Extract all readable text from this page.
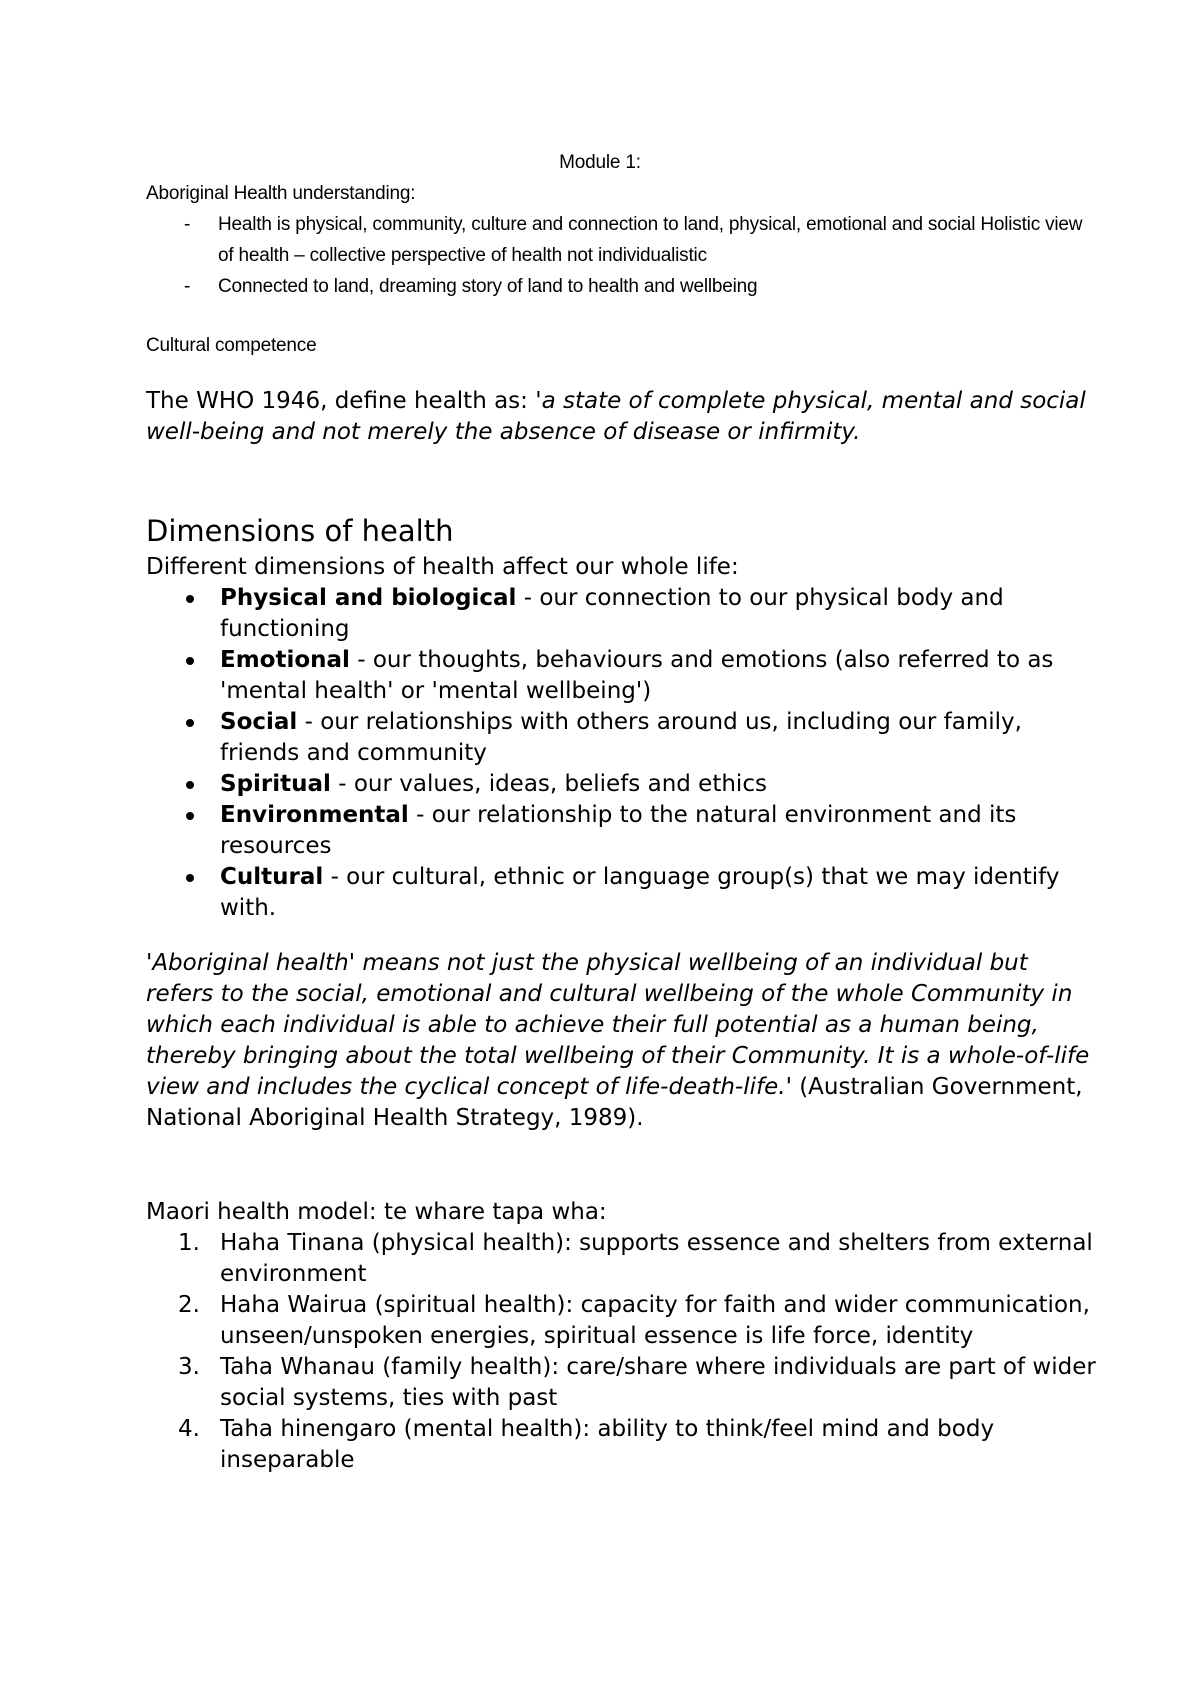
Module 1:
Aboriginal Health understanding:
- Health is physical, community, culture and connection to land, physical, emotional and social Holistic view of health – collective perspective of health not individualistic
- Connected to land, dreaming story of land to health and wellbeing
Cultural competence
The WHO 1946, define health as: 'a state of complete physical, mental and social well-being and not merely the absence of disease or infirmity.
Dimensions of health
Different dimensions of health affect our whole life:
Physical and biological - our connection to our physical body and functioning
Emotional - our thoughts, behaviours and emotions (also referred to as 'mental health' or 'mental wellbeing')
Social - our relationships with others around us, including our family, friends and community
Spiritual - our values, ideas, beliefs and ethics
Environmental - our relationship to the natural environment and its resources
Cultural - our cultural, ethnic or language group(s) that we may identify with.
'Aboriginal health' means not just the physical wellbeing of an individual but refers to the social, emotional and cultural wellbeing of the whole Community in which each individual is able to achieve their full potential as a human being, thereby bringing about the total wellbeing of their Community. It is a whole-of-life view and includes the cyclical concept of life-death-life.' (Australian Government, National Aboriginal Health Strategy, 1989).
Maori health model: te whare tapa wha:
1. Haha Tinana (physical health): supports essence and shelters from external environment
2. Haha Wairua (spiritual health): capacity for faith and wider communication, unseen/unspoken energies, spiritual essence is life force, identity
3. Taha Whanau (family health): care/share where individuals are part of wider social systems, ties with past
4. Taha hinengaro (mental health): ability to think/feel mind and body inseparable
